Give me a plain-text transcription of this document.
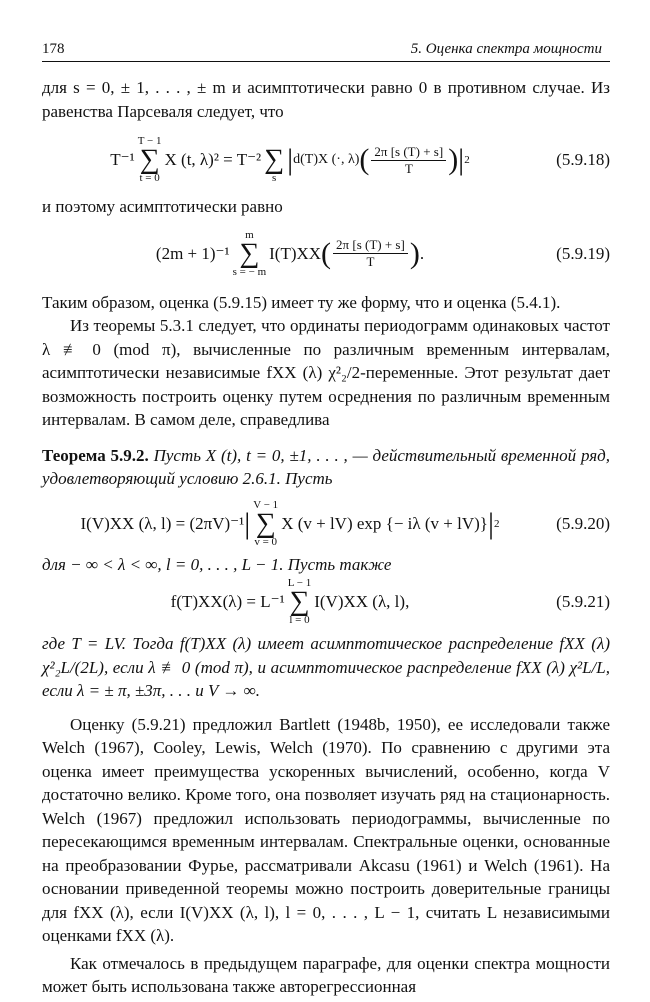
178	5. Оценка спектра мощности

для s = 0, ± 1, . . . , ± m и асимптотически равно 0 в противном случае. Из равенства Парсеваля следует, что

T⁻¹
T − 1
∑
t = 0
X (t, λ)² = T⁻²
∑
s
| d(T)X (·, λ) ( $\frac{2\pi [s (T) + s]}{T}$ )| 2	(5.9.18)

и поэтому асимптотически равно

(2m + 1)⁻¹
m
∑
s = − m
I(T)XX ( $\frac{2\pi [s (T) + s]}{T}$ ) .	(5.9.19)

Таким образом, оценка (5.9.15) имеет ту же форму, что и оценка (5.4.1).

Из теоремы 5.3.1 следует, что ординаты периодограмм одинаковых частот λ ≢ 0 (mod π), вычисленные по различным временным интервалам, асимптотически независимые fXX (λ) χ²₂/2-переменные. Этот результат дает возможность построить оценку путем осреднения по различным временным интервалам. В самом деле, справедлива

Теорема 5.9.2. Пусть X (t), t = 0, ±1, . . . , — действительный временной ряд, удовлетворяющий условию 2.6.1. Пусть

I(V)XX (λ, l) = (2πV)⁻¹ |
V − 1
∑
v = 0
X (v + lV) exp {− iλ (v + lV)} | 2	(5.9.20)

для − ∞ < λ < ∞, l = 0, . . . , L − 1. Пусть также

f(T)XX(λ) = L⁻¹
L − 1
∑
l = 0
I(V)XX (λ, l),	(5.9.21)

где T = LV. Тогда f(T)XX (λ) имеет асимптотическое распределение fXX (λ) χ²₂L/(2L), если λ ≢ 0 (mod π), и асимптотическое распределение fXX (λ) χ²L/L, если λ = ± π, ±3π, . . . и V → ∞.

Оценку (5.9.21) предложил Bartlett (1948b, 1950), ее исследовали также Welch (1967), Cooley, Lewis, Welch (1970). По сравнению с другими эта оценка имеет преимущества ускоренных вычислений, особенно, когда V достаточно велико. Кроме того, она позволяет изучать ряд на стационарность. Welch (1967) предложил использовать периодограммы, вычисленные по пересекающимся временным интервалам. Спектральные оценки, основанные на преобразовании Фурье, рассматривали Akcasu (1961) и Welch (1961). На основании приведенной теоремы можно построить доверительные границы для fXX (λ), если I(V)XX (λ, l), l = 0, . . . , L − 1, считать L независимыми оценками fXX (λ).

Как отмечалось в предыдущем параграфе, для оценки спектра мощности может быть использована также авторегрессионная
